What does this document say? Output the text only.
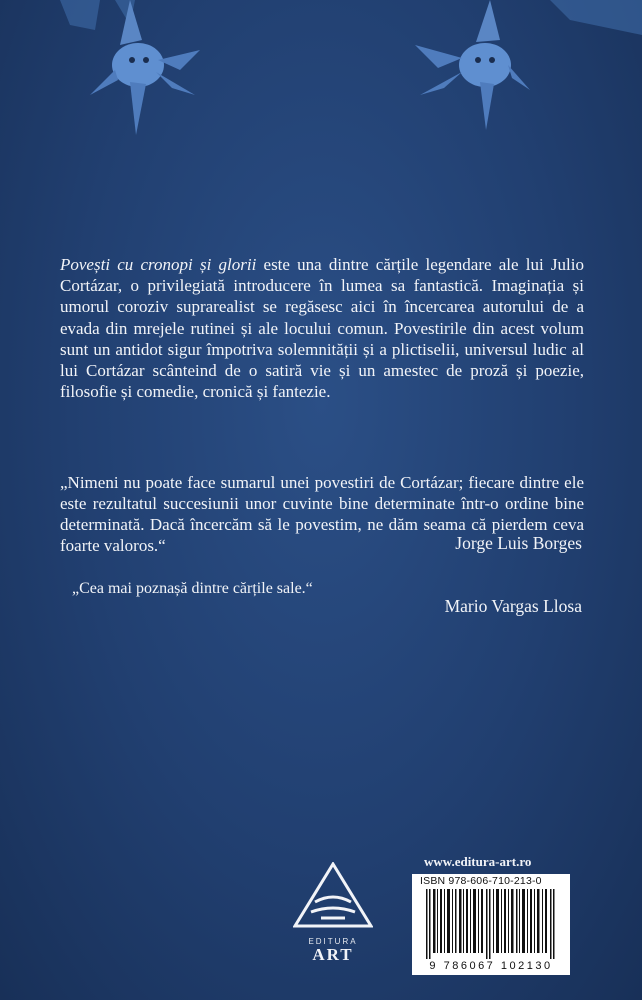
Povești cu cronopi și glorii este una dintre cărțile legendare ale lui Julio Cortázar, o privilegiată introducere în lumea sa fantastică. Imaginația și umorul coroziv suprarealist se regăsesc aici în încercarea autorului de a evada din mrejele rutinei și ale locului comun. Povestirile din acest volum sunt un antidot sigur împotriva solemnității și a plictiselii, universul ludic al lui Cortázar scânteind de o satiră vie și un amestec de proză și poezie, filosofie și comedie, cronică și fantezie.

„Nimeni nu poate face sumarul unei povestiri de Cortázar; fiecare dintre ele este rezultatul succesiunii unor cuvinte bine determinate într-o ordine bine determinată. Dacă încercăm să le povestim, ne dăm seama că pierdem ceva foarte valoros.“	Jorge Luis Borges
„Cea mai poznașă dintre cărțile sale.“
Mario Vargas Llosa
EDITURA
ART
www.editura-art.ro
ISBN 978-606-710-213-0
9 786067 102130
